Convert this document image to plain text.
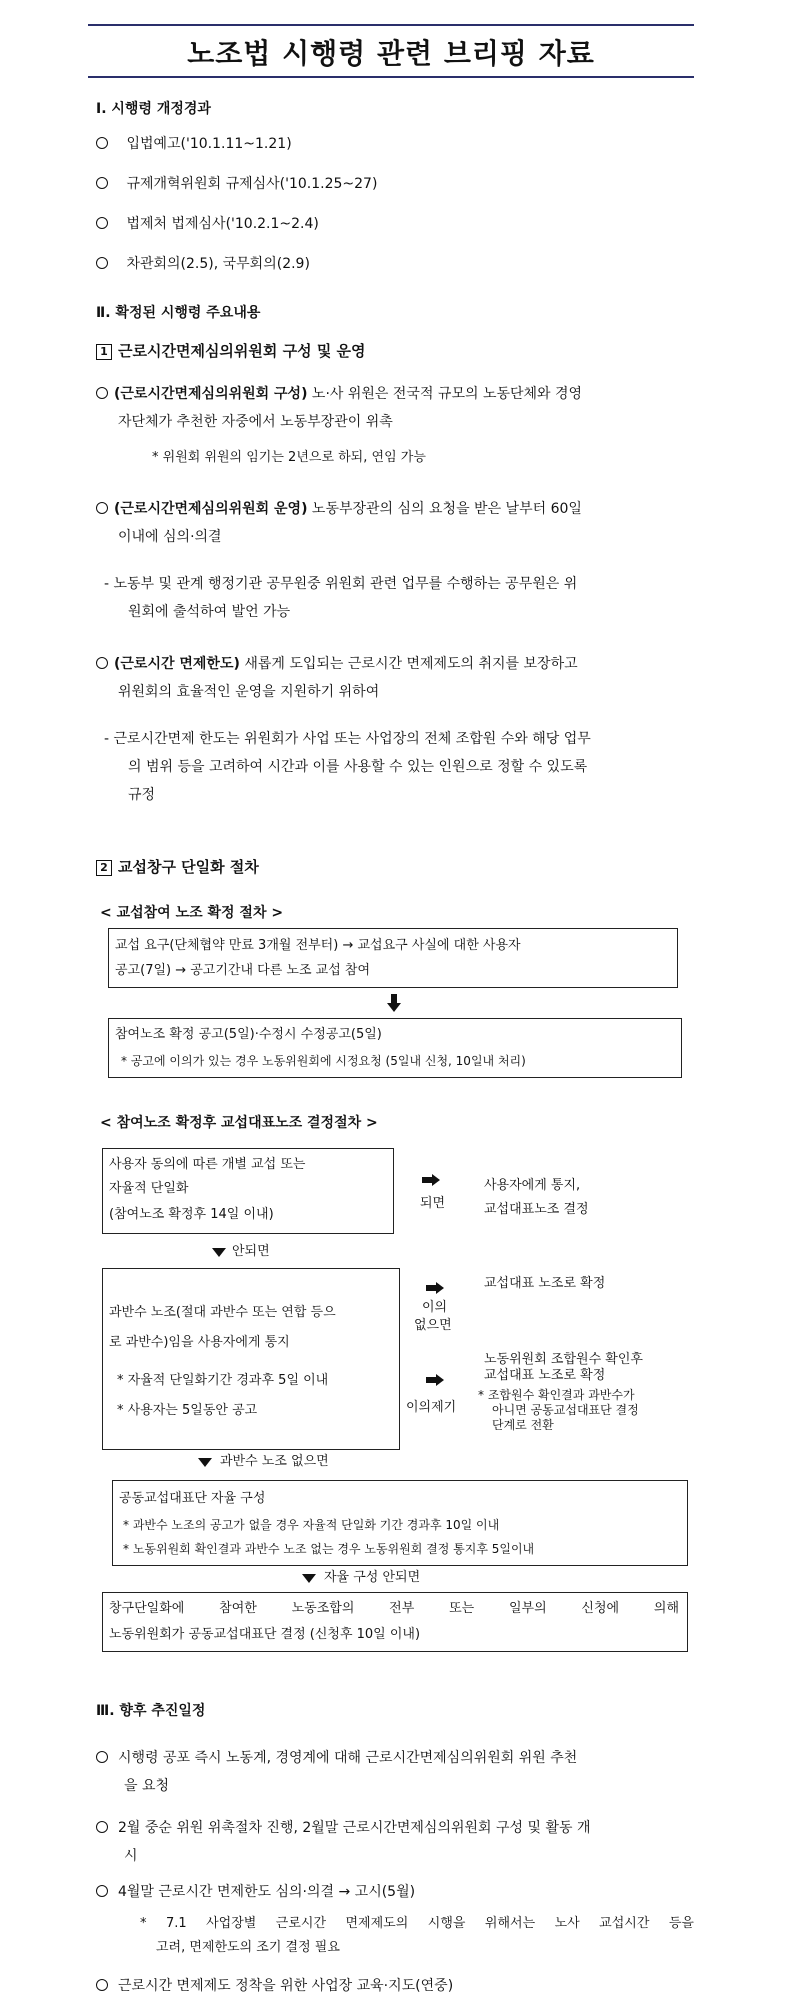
노조법 시행령 관련 브리핑 자료
Ⅰ. 시행령 개정경과
입법예고('10.1.11~1.21)
규제개혁위원회 규제심사('10.1.25~27)
법제처 법제심사('10.2.1~2.4)
차관회의(2.5), 국무회의(2.9)
Ⅱ. 확정된 시행령 주요내용
1 근로시간면제심의위원회 구성 및 운영
(근로시간면제심의위원회 구성) 노·사 위원은 전국적 규모의 노동단체와 경영
자단체가 추천한 자중에서 노동부장관이 위촉
* 위원회 위원의 임기는 2년으로 하되, 연임 가능
(근로시간면제심의위원회 운영) 노동부장관의 심의 요청을 받은 날부터 60일
이내에 심의·의결
- 노동부 및 관계 행정기관 공무원중 위원회 관련 업무를 수행하는 공무원은 위
원회에 출석하여 발언 가능
(근로시간 면제한도) 새롭게 도입되는 근로시간 면제제도의 취지를 보장하고
위원회의 효율적인 운영을 지원하기 위하여
- 근로시간면제 한도는 위원회가 사업 또는 사업장의 전체 조합원 수와 해당 업무
의 범위 등을 고려하여 시간과 이를 사용할 수 있는 인원으로 정할 수 있도록
규정
2 교섭창구 단일화 절차
< 교섭참여 노조 확정 절차 >
교섭 요구(단체협약 만료 3개월 전부터) → 교섭요구 사실에 대한 사용자
공고(7일) → 공고기간내 다른 노조 교섭 참여
참여노조 확정 공고(5일)·수정시 수정공고(5일)
* 공고에 이의가 있는 경우 노동위원회에 시정요청 (5일내 신청, 10일내 처리)
< 참여노조 확정후 교섭대표노조 결정절차 >
사용자 동의에 따른 개별 교섭 또는
자율적 단일화
(참여노조 확정후 14일 이내)
되면
사용자에게 통지,
교섭대표노조 결정
안되면
과반수 노조(절대 과반수 또는 연합 등으
로 과반수)임을 사용자에게 통지
* 자율적 단일화기간 경과후 5일 이내
* 사용자는 5일동안 공고
이의
없으면
교섭대표 노조로 확정
이의제기
노동위원회 조합원수 확인후
교섭대표 노조로 확정
* 조합원수 확인결과 과반수가
아니면 공동교섭대표단 결정
단계로 전환
과반수 노조 없으면
공동교섭대표단 자율 구성
* 과반수 노조의 공고가 없을 경우 자율적 단일화 기간 경과후 10일 이내
* 노동위원회 확인결과 과반수 노조 없는 경우 노동위원회 결정 통지후 5일이내
자율 구성 안되면
창구단일화에 참여한 노동조합의 전부 또는 일부의 신청에 의해
노동위원회가 공동교섭대표단 결정 (신청후 10일 이내)
Ⅲ. 향후 추진일정
시행령 공포 즉시 노동계, 경영계에 대해 근로시간면제심의위원회 위원 추천
을 요청
2월 중순 위원 위촉절차 진행, 2월말 근로시간면제심의위원회 구성 및 활동 개
시
4월말 근로시간 면제한도 심의·의결 → 고시(5월)
* 7.1 사업장별 근로시간 면제제도의 시행을 위해서는 노사 교섭시간 등을
고려, 면제한도의 조기 결정 필요
근로시간 면제제도 정착을 위한 사업장 교육·지도(연중)
